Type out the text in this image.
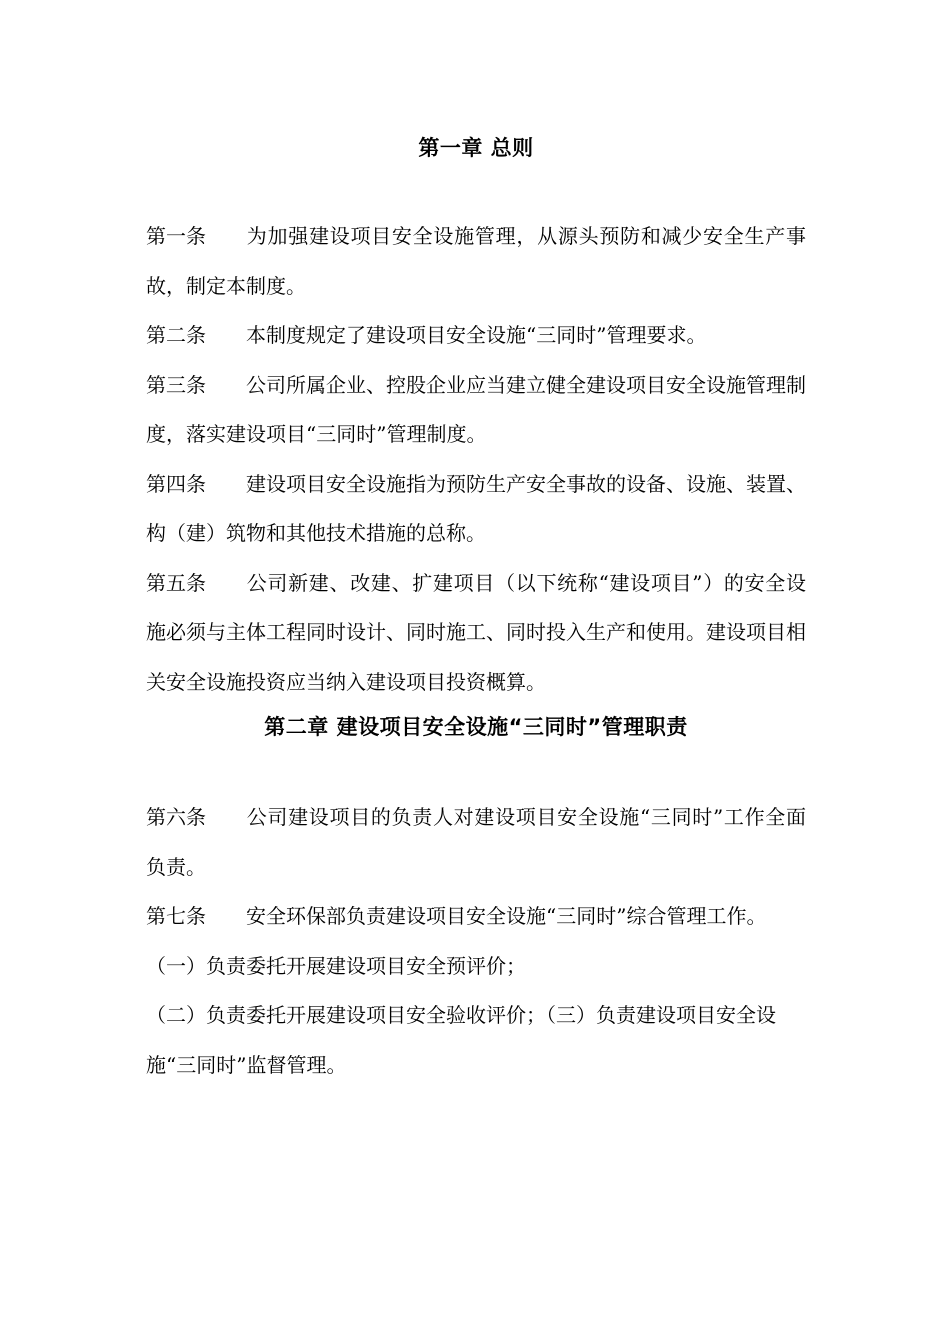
第一章 总则

第一条 为加强建设项目安全设施管理，从源头预防和减少安全生产事故，制定本制度。

第二条 本制度规定了建设项目安全设施“三同时”管理要求。

第三条 公司所属企业、控股企业应当建立健全建设项目安全设施管理制度，落实建设项目“三同时”管理制度。

第四条 建设项目安全设施指为预防生产安全事故的设备、设施、装置、构（建）筑物和其他技术措施的总称。

第五条 公司新建、改建、扩建项目（以下统称“建设项目”）的安全设施必须与主体工程同时设计、同时施工、同时投入生产和使用。建设项目相关安全设施投资应当纳入建设项目投资概算。

第二章 建设项目安全设施“三同时”管理职责

第六条 公司建设项目的负责人对建设项目安全设施“三同时”工作全面负责。

第七条 安全环保部负责建设项目安全设施“三同时”综合管理工作。

（一）负责委托开展建设项目安全预评价；

（二）负责委托开展建设项目安全验收评价；（三）负责建设项目安全设施“三同时”监督管理。
